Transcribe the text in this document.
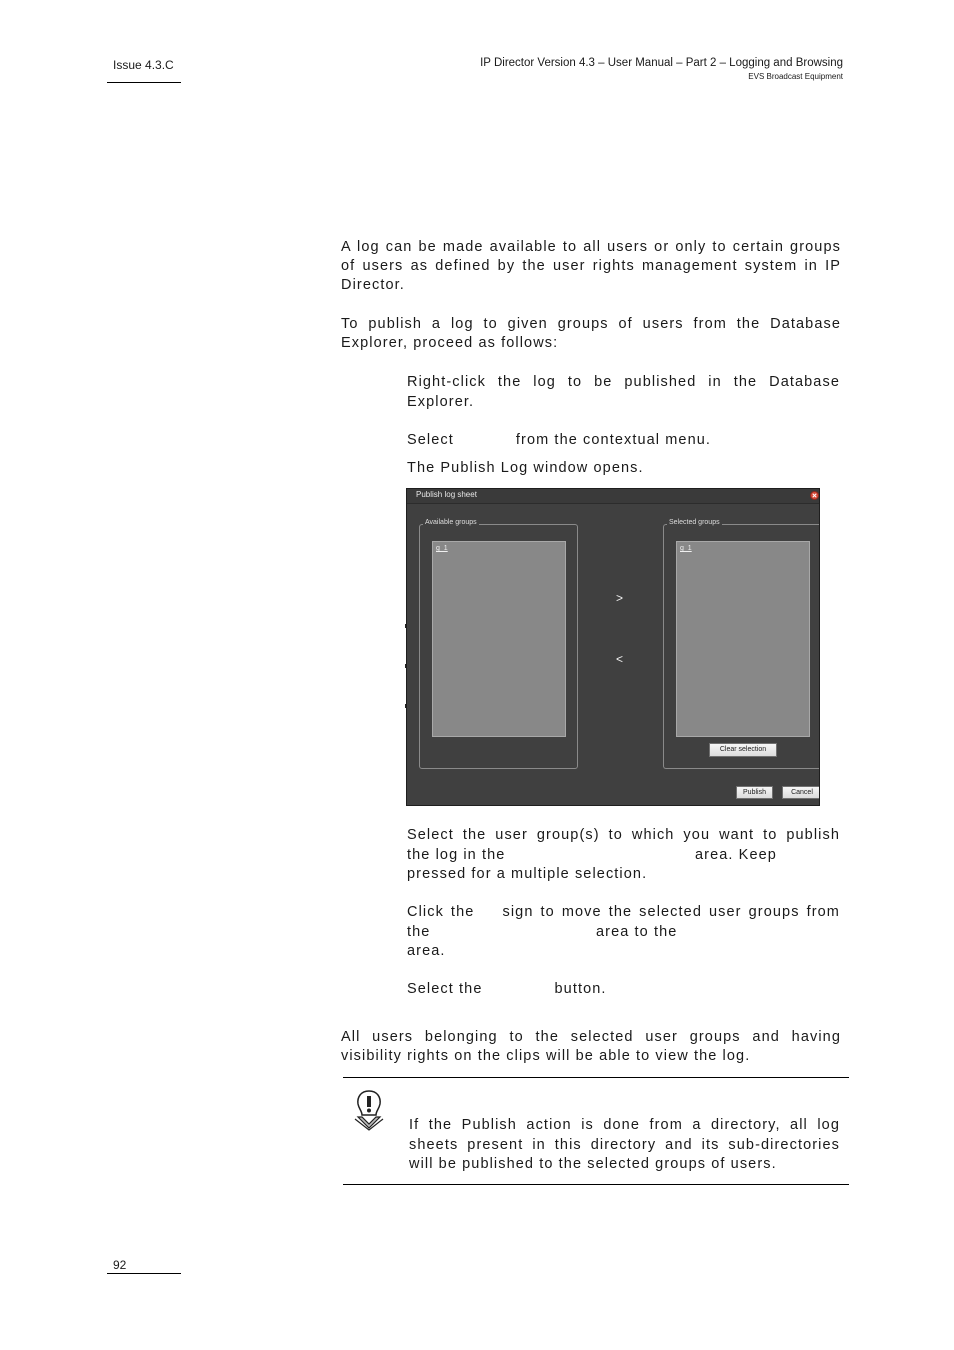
Issue 4.3.C	IP Director Version 4.3 – User Manual – Part 2 – Logging and Browsing
EVS Broadcast Equipment
A log can be made available to all users or only to certain groups of users as defined by the user rights management system in IP Director.
To publish a log to given groups of users from the Database Explorer, proceed as follows:
Right-click the log to be published in the Database Explorer.
Select	from the contextual menu.
The Publish Log window opens.
Publish log sheet
Available groups
g_1
>
<
Selected groups
g_1
Clear selection
Publish	Cancel
Select the user group(s) to which you want to publish
the log in the	area. Keep
pressed for a multiple selection.
Click the    sign to move the selected user groups from
the	area to the
area.
Select the	button.
All users belonging to the selected user groups and having visibility rights on the clips will be able to view the log.
If the Publish action is done from a directory, all log sheets present in this directory and its sub-directories will be published to the selected groups of users.
92
